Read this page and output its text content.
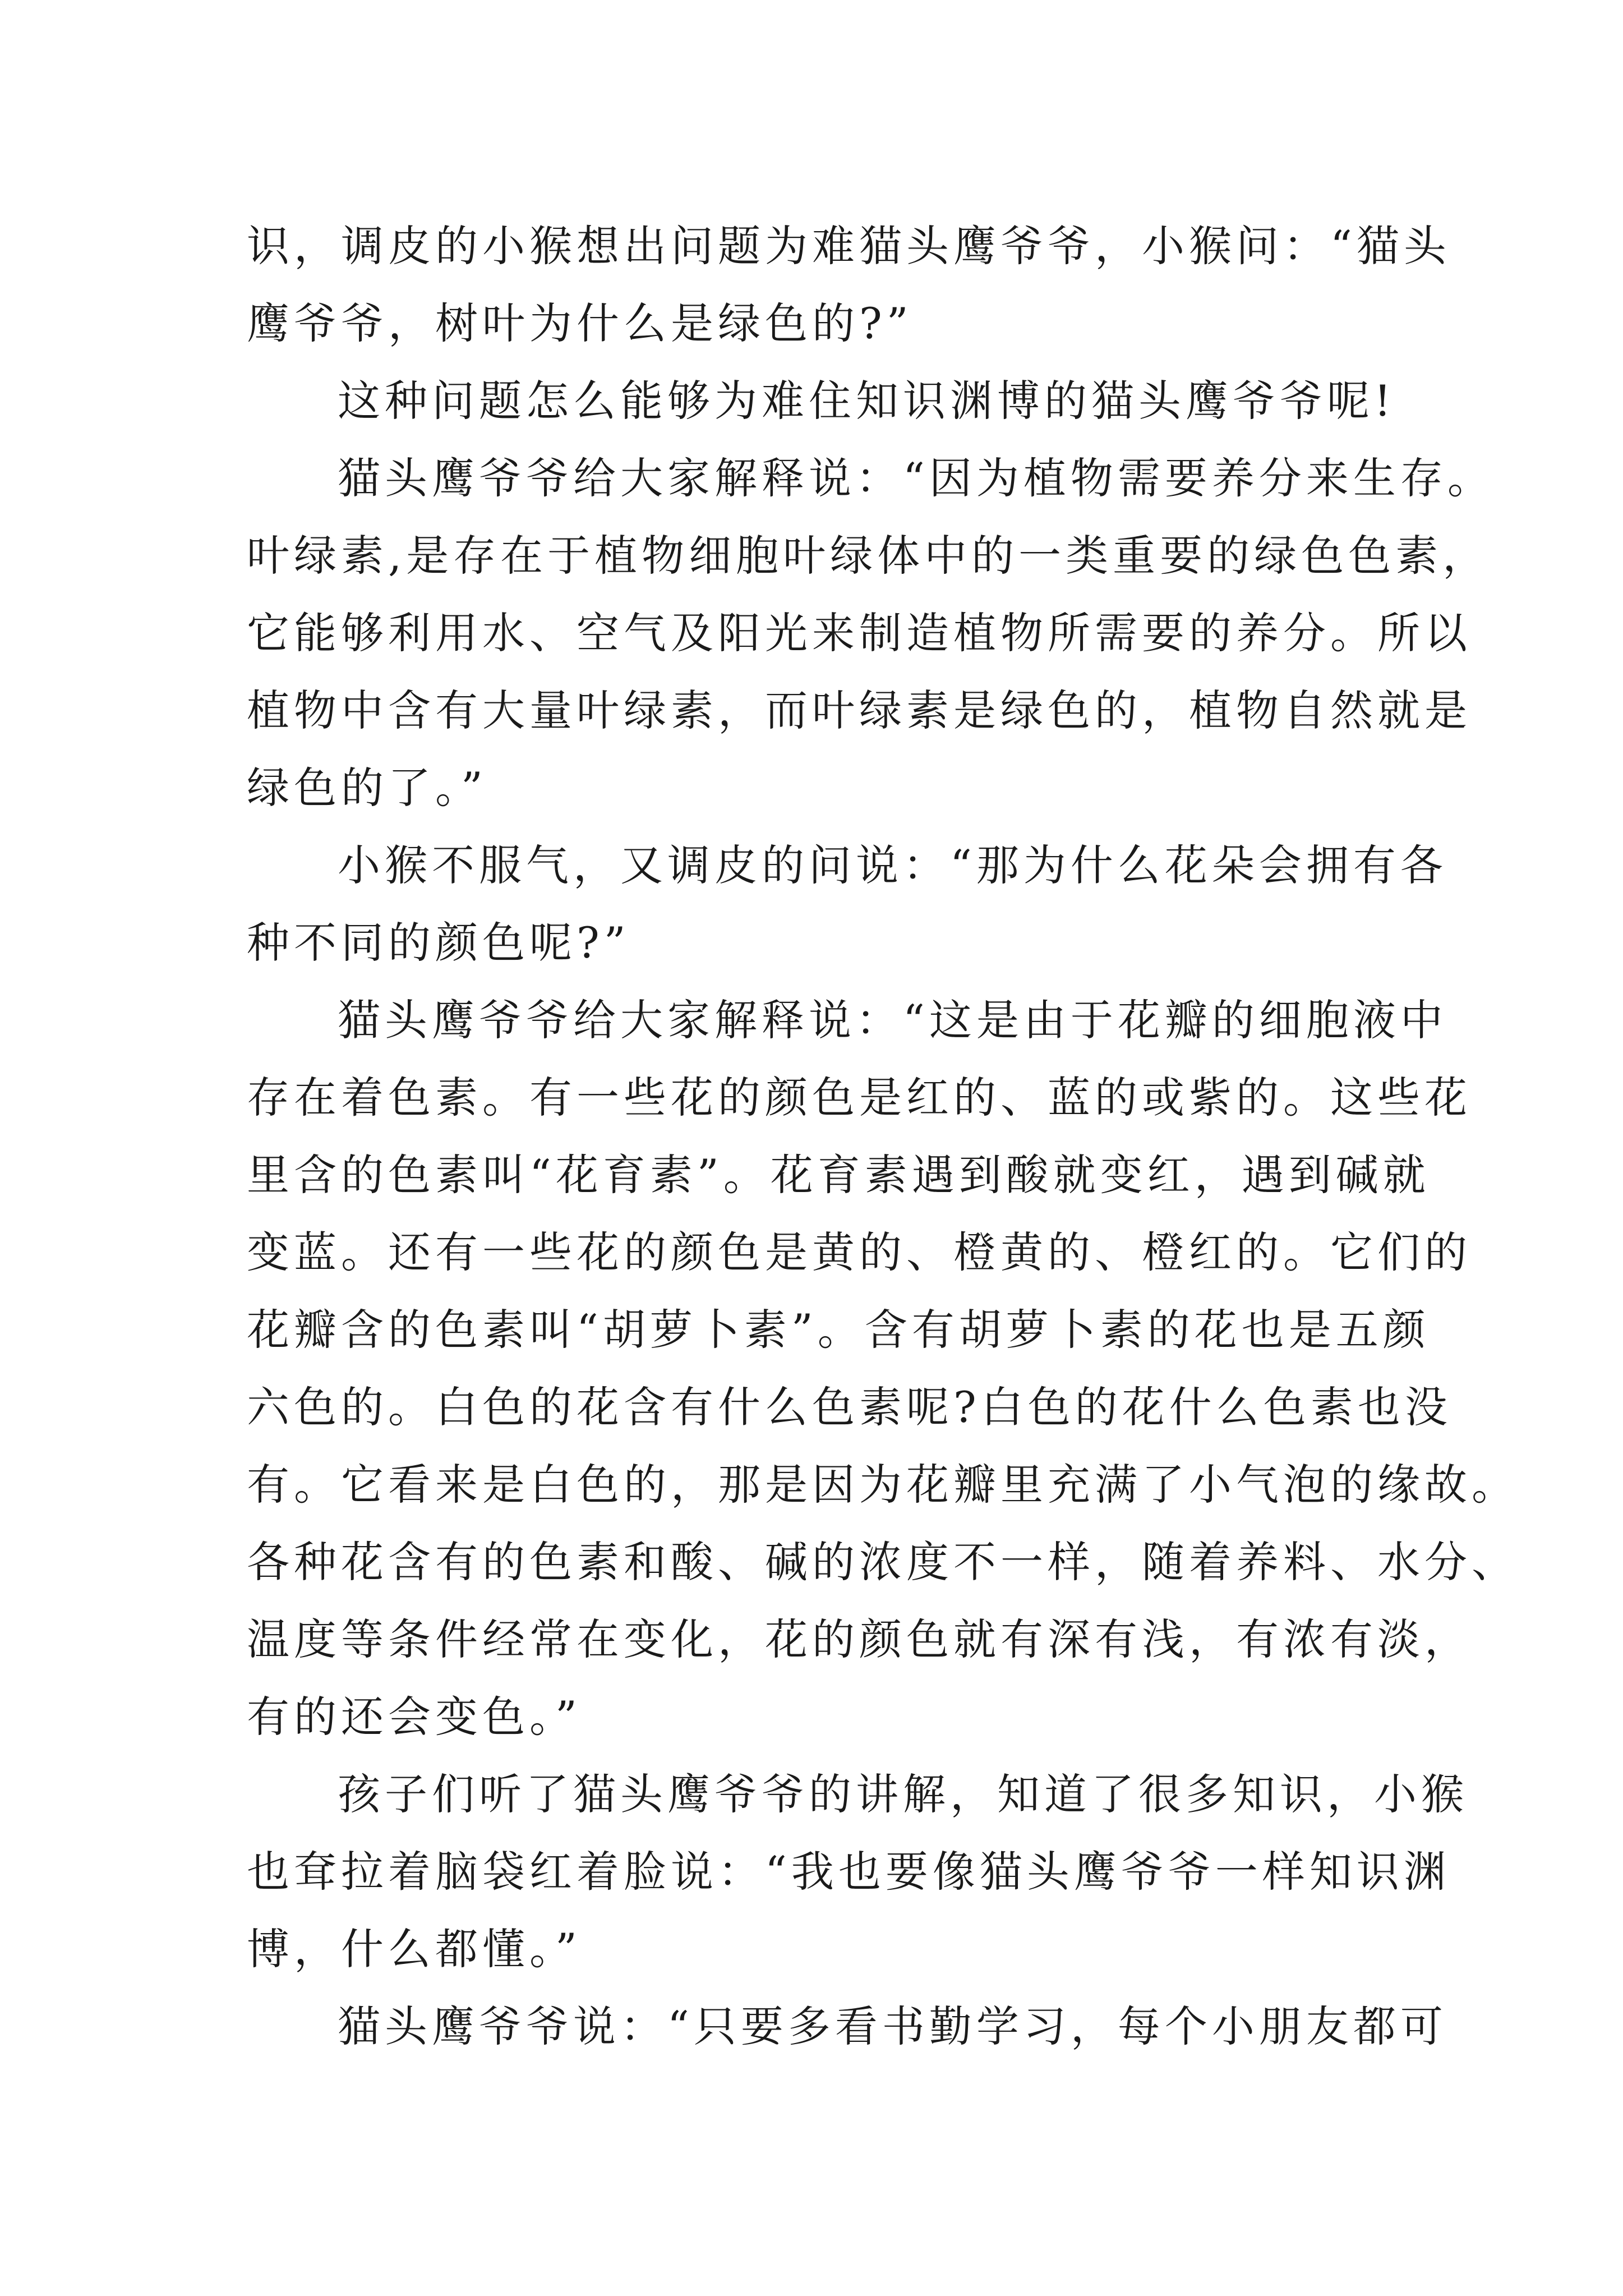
识，调皮的小猴想出问题为难猫头鹰爷爷，小猴问：“猫头
鹰爷爷，树叶为什么是绿色的?”
这种问题怎么能够为难住知识渊博的猫头鹰爷爷呢!
猫头鹰爷爷给大家解释说：“因为植物需要养分来生存。
叶绿素,是存在于植物细胞叶绿体中的一类重要的绿色色素，
它能够利用水、空气及阳光来制造植物所需要的养分。所以
植物中含有大量叶绿素，而叶绿素是绿色的，植物自然就是
绿色的了。”
小猴不服气，又调皮的问说：“那为什么花朵会拥有各
种不同的颜色呢?”
猫头鹰爷爷给大家解释说：“这是由于花瓣的细胞液中
存在着色素。有一些花的颜色是红的、蓝的或紫的。这些花
里含的色素叫“花育素”。花育素遇到酸就变红，遇到碱就
变蓝。还有一些花的颜色是黄的、橙黄的、橙红的。它们的
花瓣含的色素叫“胡萝卜素”。含有胡萝卜素的花也是五颜
六色的。白色的花含有什么色素呢?白色的花什么色素也没
有。它看来是白色的，那是因为花瓣里充满了小气泡的缘故。
各种花含有的色素和酸、碱的浓度不一样，随着养料、水分、
温度等条件经常在变化，花的颜色就有深有浅，有浓有淡，
有的还会变色。”
孩子们听了猫头鹰爷爷的讲解，知道了很多知识，小猴
也耷拉着脑袋红着脸说：“我也要像猫头鹰爷爷一样知识渊
博，什么都懂。”
猫头鹰爷爷说：“只要多看书勤学习，每个小朋友都可
